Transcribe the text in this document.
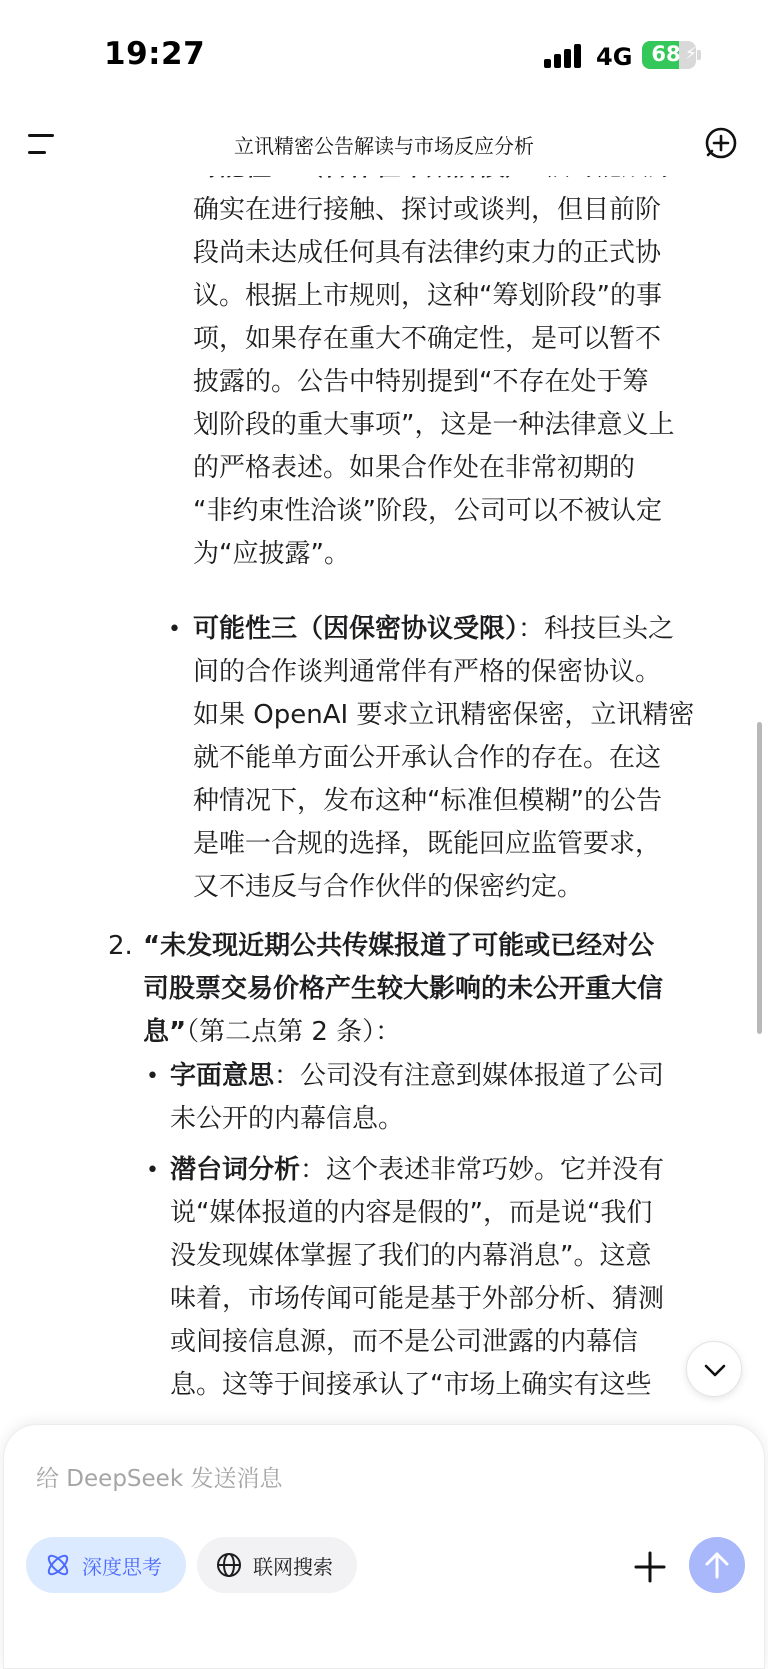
19:27	4G 68 ⚡
立讯精密公告解读与市场反应分析
确实在进行接触、探讨或谈判，但目前阶
段尚未达成任何具有法律约束力的正式协
议。根据上市规则，这种“筹划阶段”的事
项，如果存在重大不确定性，是可以暂不
披露的。公告中特别提到“不存在处于筹
划阶段的重大事项”，这是一种法律意义上
的严格表述。如果合作处在非常初期的
“非约束性洽谈”阶段，公司可以不被认定
为“应披露”。
• 可能性三（因保密协议受限）：科技巨头之
间的合作谈判通常伴有严格的保密协议。
如果 OpenAI 要求立讯精密保密，立讯精密
就不能单方面公开承认合作的存在。在这
种情况下，发布这种“标准但模糊”的公告
是唯一合规的选择，既能回应监管要求，
又不违反与合作伙伴的保密约定。
2. “未发现近期公共传媒报道了可能或已经对公
司股票交易价格产生较大影响的未公开重大信
息”（第二点第 2 条）：
• 字面意思：公司没有注意到媒体报道了公司
未公开的内幕信息。
• 潜台词分析：这个表述非常巧妙。它并没有
说“媒体报道的内容是假的”，而是说“我们
没发现媒体掌握了我们的内幕消息”。这意
味着，市场传闻可能是基于外部分析、猜测
或间接信息源，而不是公司泄露的内幕信
息。这等于间接承认了“市场上确实有这些
给 DeepSeek 发送消息
深度思考	联网搜索
